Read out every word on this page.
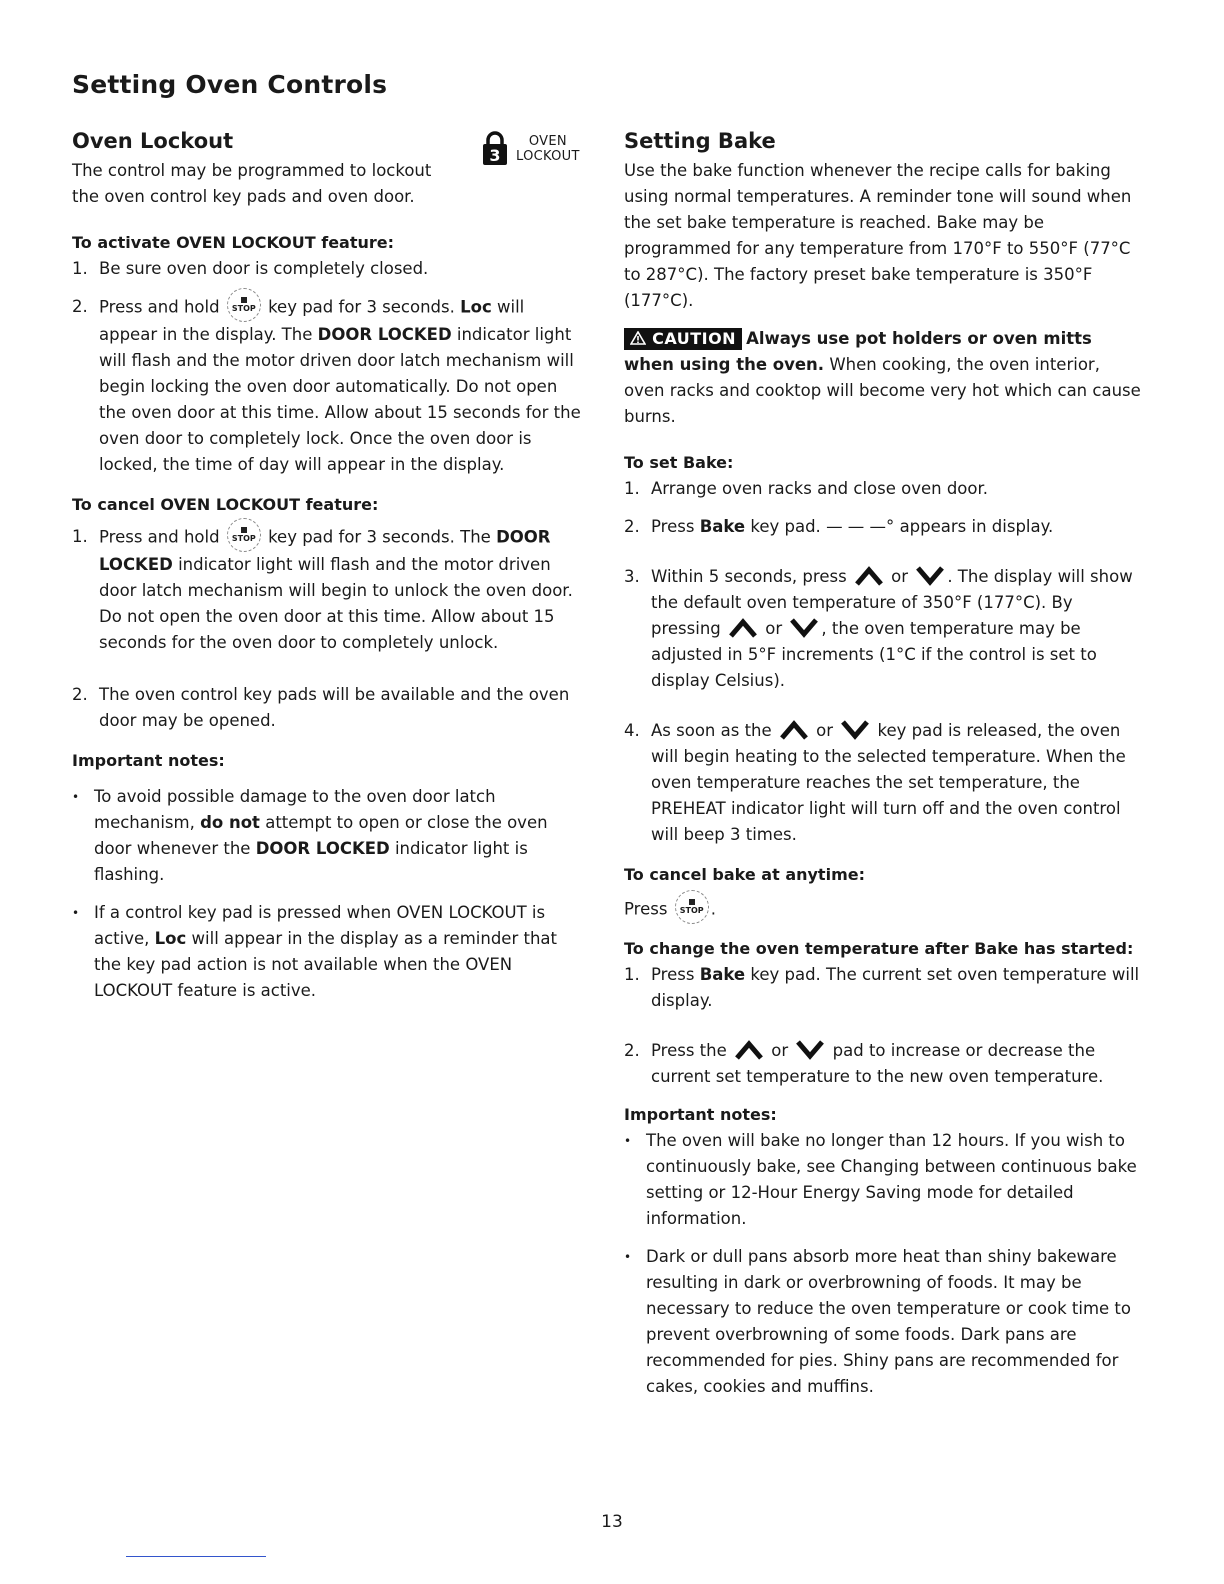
Setting Oven Controls
Oven Lockout
3
OVEN
LOCKOUT

The control may be programmed to lockout the oven control key pads and oven door.

To activate OVEN LOCKOUT feature:
1. Be sure oven door is completely closed.
2. Press and hold STOP key pad for 3 seconds. Loc will appear in the display. The DOOR LOCKED indicator light will flash and the motor driven door latch mechanism will begin locking the oven door automatically. Do not open the oven door at this time. Allow about 15 seconds for the oven door to completely lock. Once the oven door is locked, the time of day will appear in the display.
To cancel OVEN LOCKOUT feature:
1. Press and hold STOP key pad for 3 seconds. The DOOR LOCKED indicator light will flash and the motor driven door latch mechanism will begin to unlock the oven door. Do not open the oven door at this time. Allow about 15 seconds for the oven door to completely unlock.
2. The oven control key pads will be available and the oven door may be opened.
Important notes:
• To avoid possible damage to the oven door latch mechanism, do not attempt to open or close the oven door whenever the DOOR LOCKED indicator light is flashing.
• If a control key pad is pressed when OVEN LOCKOUT is active, Loc will appear in the display as a reminder that the key pad action is not available when the OVEN LOCKOUT feature is active.
Setting Bake

Use the bake function whenever the recipe calls for baking using normal temperatures. A reminder tone will sound when the set bake temperature is reached. Bake may be programmed for any temperature from 170°F to 550°F (77°C to 287°C). The factory preset bake temperature is 350°F (177°C).

CAUTION Always use pot holders or oven mitts when using the oven. When cooking, the oven interior, oven racks and cooktop will become very hot which can cause burns.

To set Bake:
1. Arrange oven racks and close oven door.
2. Press Bake key pad. — — —° appears in display.
3. Within 5 seconds, press	or . The display will show the default oven temperature of 350°F (177°C). By pressing	or , the oven temperature may be adjusted in 5°F increments (1°C if the control is set to display Celsius).
4. As soon as the	or	key pad is released, the oven will begin heating to the selected temperature. When the oven temperature reaches the set temperature, the PREHEAT indicator light will turn off and the oven control will beep 3 times.
To cancel bake at anytime:

Press STOP .

To change the oven temperature after Bake has started:
1. Press Bake key pad. The current set oven temperature will display.
2. Press the	or	pad to increase or decrease the current set temperature to the new oven temperature.
Important notes:
• The oven will bake no longer than 12 hours. If you wish to continuously bake, see Changing between continuous bake setting or 12-Hour Energy Saving mode for detailed information.
• Dark or dull pans absorb more heat than shiny bakeware resulting in dark or overbrowning of foods. It may be necessary to reduce the oven temperature or cook time to prevent overbrowning of some foods. Dark pans are recommended for pies. Shiny pans are recommended for cakes, cookies and muffins.
13
